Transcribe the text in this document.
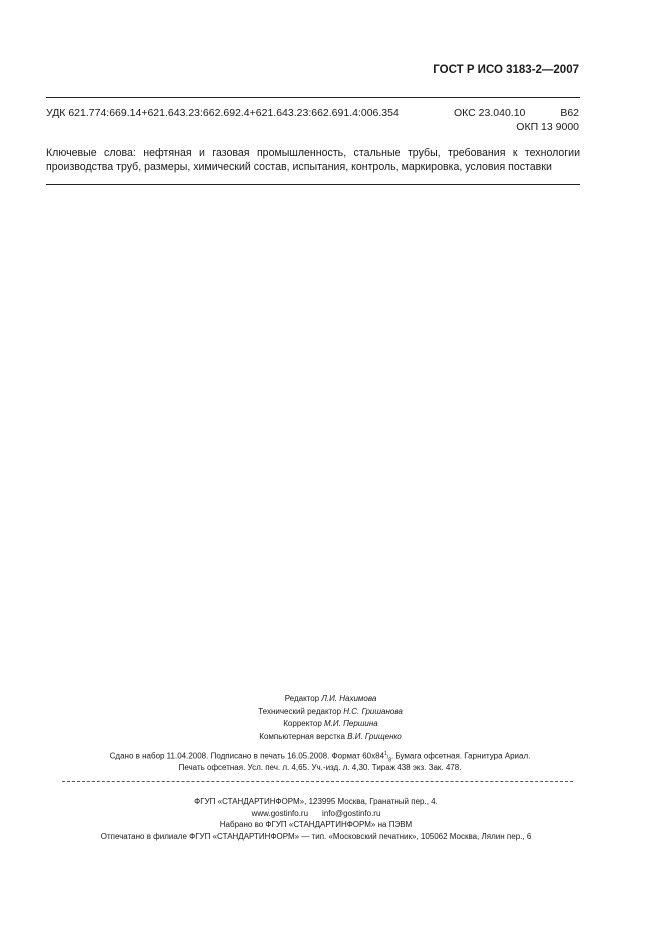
ГОСТ Р ИСО 3183-2—2007
УДК 621.774:669.14+621.643.23:662.692.4+621.643.23:662.691.4:006.354	ОКС 23.040.10	В62
ОКП 13 9000
Ключевые слова: нефтяная и газовая промышленность, стальные трубы, требования к технологии производства труб, размеры, химический состав, испытания, контроль, маркировка, условия поставки
Редактор Л.И. Нахимова
Технический редактор Н.С. Гришанова
Корректор М.И. Першина
Компьютерная верстка В.И. Грищенко
Сдано в набор 11.04.2008. Подписано в печать 16.05.2008. Формат $60х84^1/_8$. Бумага офсетная. Гарнитура Ариал.
Печать офсетная. Усл. печ. л. 4,65. Уч.-изд. л. 4,30. Тираж 438 экз. Зак. 478.
ФГУП «СТАНДАРТИНФОРМ», 123995 Москва, Гранатный пер., 4.
www.gostinfo.ru info@gostinfo.ru
Набрано во ФГУП «СТАНДАРТИНФОРМ» на ПЭВМ
Отпечатано в филиале ФГУП «СТАНДАРТИНФОРМ» — тип. «Московский печатник», 105062 Москва, Лялин пер., 6
